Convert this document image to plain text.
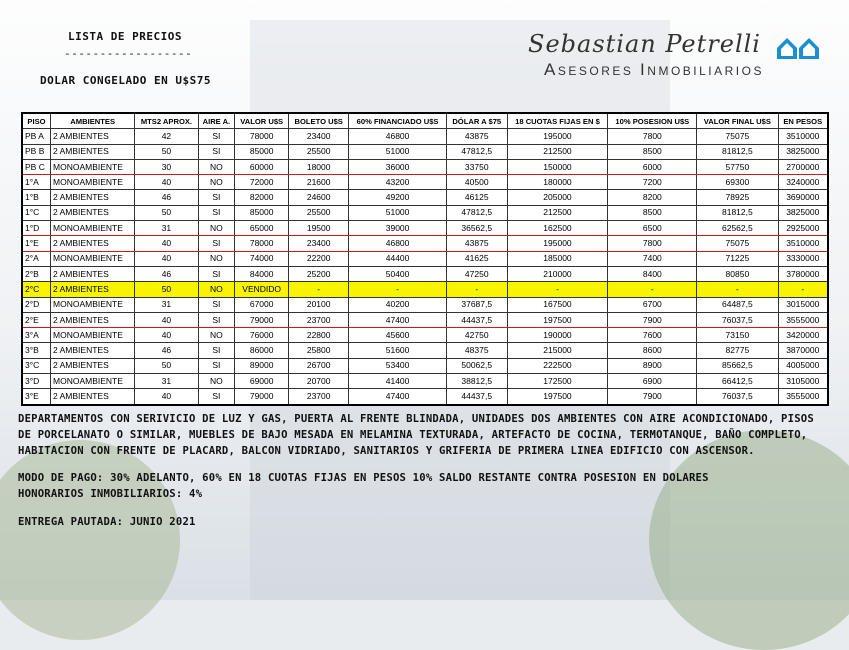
LISTA DE PRECIOS
------------------
DOLAR CONGELADO EN U$S75
Sebastian Petrelli
ASESORES INMOBILIARIOS
PISO	AMBIENTES	MTS2 APROX.	AIRE A.	VALOR U$S	BOLETO U$S	60% FINANCIADO U$S	DÓLAR A $75	18 CUOTAS FIJAS EN $	10% POSESION U$S	VALOR FINAL U$S	EN PESOS
PB A	2 AMBIENTES	42	SI	78000	23400	46800	43875	195000	7800	75075	3510000
PB B	2 AMBIENTES	50	SI	85000	25500	51000	47812,5	212500	8500	81812,5	3825000
PB C	MONOAMBIENTE	30	NO	60000	18000	36000	33750	150000	6000	57750	2700000
1°A	MONOAMBIENTE	40	NO	72000	21600	43200	40500	180000	7200	69300	3240000
1°B	2 AMBIENTES	46	SI	82000	24600	49200	46125	205000	8200	78925	3690000
1°C	2 AMBIENTES	50	SI	85000	25500	51000	47812,5	212500	8500	81812,5	3825000
1°D	MONOAMBIENTE	31	NO	65000	19500	39000	36562,5	162500	6500	62562,5	2925000
1°E	2 AMBIENTES	40	SI	78000	23400	46800	43875	195000	7800	75075	3510000
2°A	MONOAMBIENTE	40	NO	74000	22200	44400	41625	185000	7400	71225	3330000
2°B	2 AMBIENTES	46	SI	84000	25200	50400	47250	210000	8400	80850	3780000
2°C	2 AMBIENTES	50	NO	VENDIDO	-	-	-	-	-	-	-
2°D	MONOAMBIENTE	31	SI	67000	20100	40200	37687,5	167500	6700	64487,5	3015000
2°E	2 AMBIENTES	40	SI	79000	23700	47400	44437,5	197500	7900	76037,5	3555000
3°A	MONOAMBIENTE	40	NO	76000	22800	45600	42750	190000	7600	73150	3420000
3°B	2 AMBIENTES	46	SI	86000	25800	51600	48375	215000	8600	82775	3870000
3°C	2 AMBIENTES	50	SI	89000	26700	53400	50062,5	222500	8900	85662,5	4005000
3°D	MONOAMBIENTE	31	NO	69000	20700	41400	38812,5	172500	6900	66412,5	3105000
3°E	2 AMBIENTES	40	SI	79000	23700	47400	44437,5	197500	7900	76037,5	3555000

DEPARTAMENTOS CON SERIVICIO DE LUZ Y GAS, PUERTA AL FRENTE BLINDADA, UNIDADES DOS AMBIENTES CON AIRE ACONDICIONADO, PISOS DE PORCELANATO O SIMILAR, MUEBLES DE BAJO MESADA EN MELAMINA TEXTURADA, ARTEFACTO DE COCINA, TERMOTANQUE, BAÑO COMPLETO, HABITACION CON FRENTE DE PLACARD, BALCON VIDRIADO, SANITARIOS Y GRIFERIA DE PRIMERA LINEA EDIFICIO CON ASCENSOR.

MODO DE PAGO: 30% ADELANTO, 60% EN 18 CUOTAS FIJAS EN PESOS 10% SALDO RESTANTE CONTRA POSESION EN DOLARES

HONORARIOS INMOBILIARIOS: 4%

ENTREGA PAUTADA: JUNIO 2021
